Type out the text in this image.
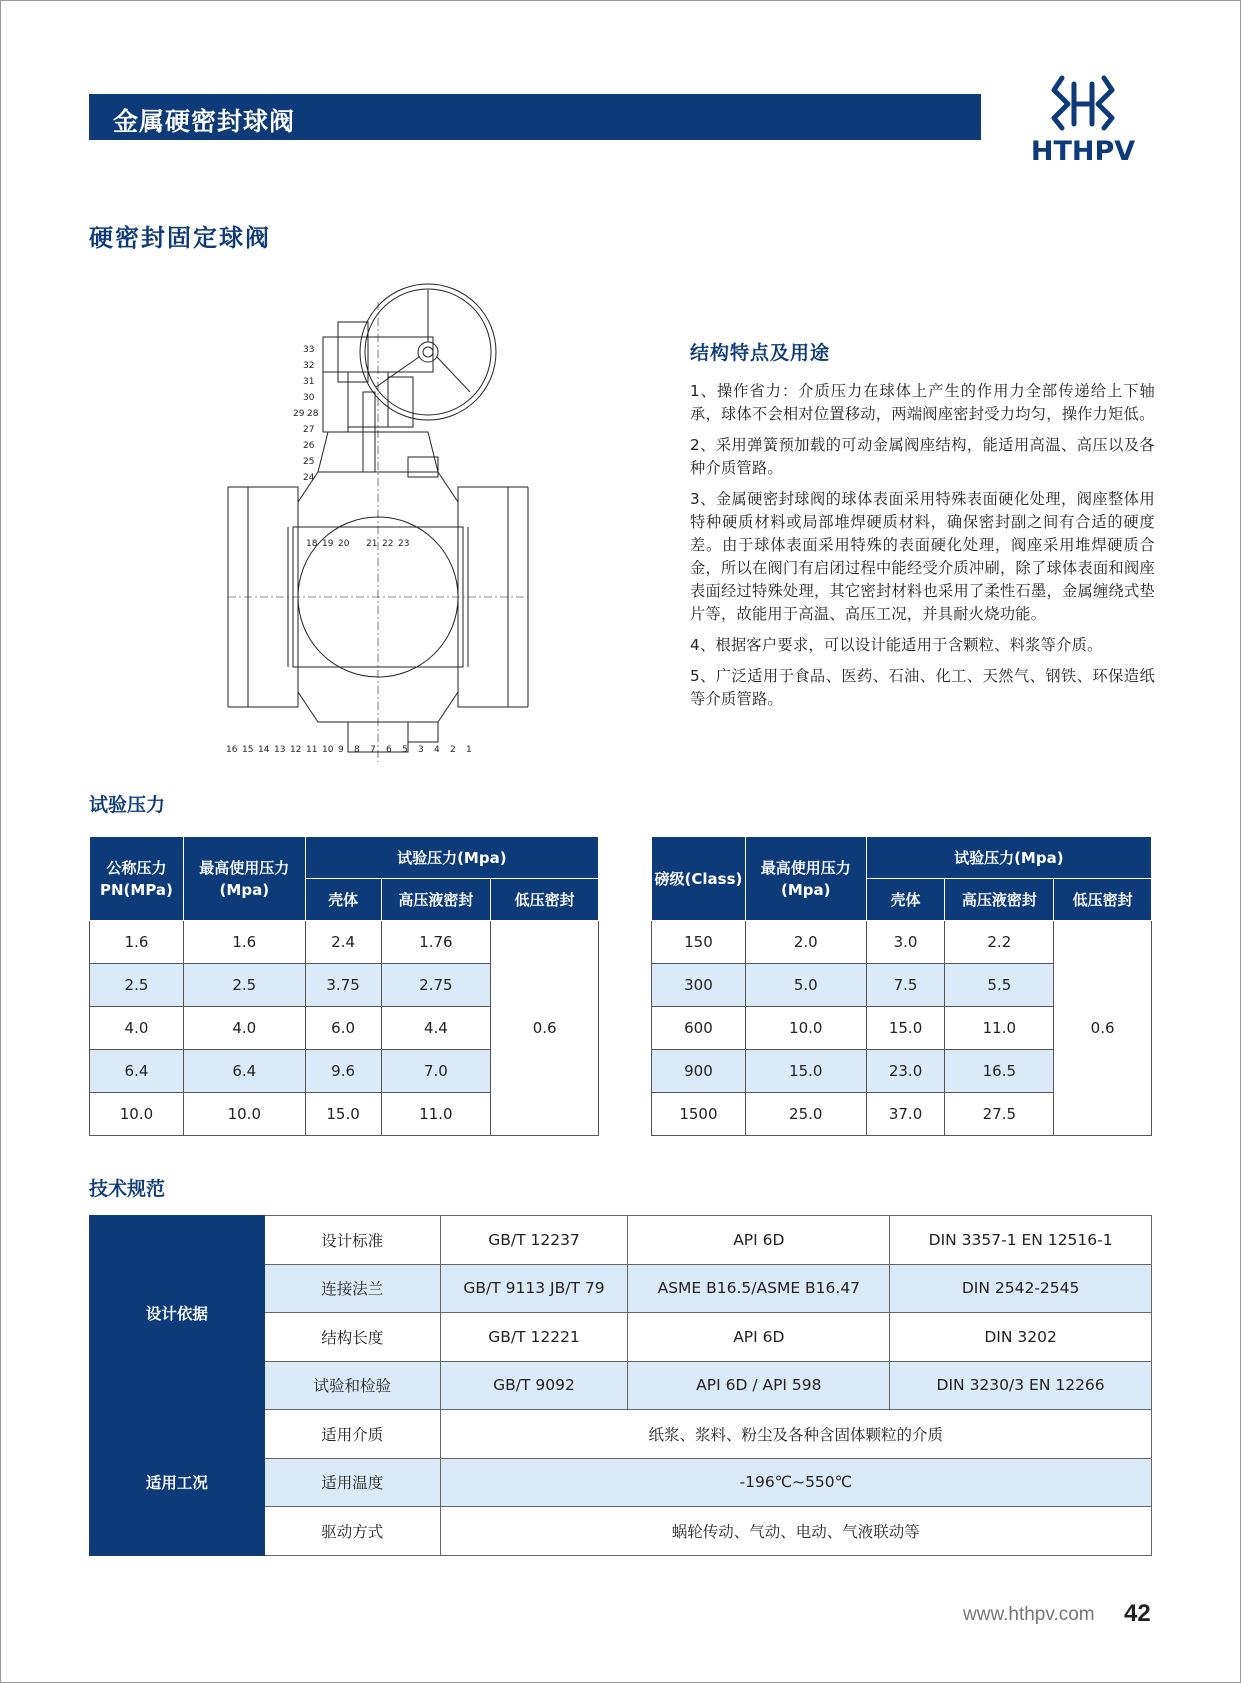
金属硬密封球阀
HTHPV
硬密封固定球阀
33
32
31
30
29 28
27
26
25
24
18 19 20 21 22 23
16 15 14 13 12 11 10 9 8 7 6 5 3 4 2 1
结构特点及用途

1、操作省力：介质压力在球体上产生的作用力全部传递给上下轴承，球体不会相对位置移动，两端阀座密封受力均匀，操作力矩低。

2、采用弹簧预加载的可动金属阀座结构，能适用高温、高压以及各种介质管路。

3、金属硬密封球阀的球体表面采用特殊表面硬化处理，阀座整体用特种硬质材料或局部堆焊硬质材料，确保密封副之间有合适的硬度差。由于球体表面采用特殊的表面硬化处理，阀座采用堆焊硬质合金，所以在阀门有启闭过程中能经受介质冲刷，除了球体表面和阀座表面经过特殊处理，其它密封材料也采用了柔性石墨，金属缠绕式垫片等，故能用于高温、高压工况，并具耐火烧功能。

4、根据客户要求，可以设计能适用于含颗粒、料浆等介质。

5、广泛适用于食品、医药、石油、化工、天然气、钢铁、环保造纸等介质管路。

试验压力
公称压力PN(MPa)	最高使用压力(Mpa)	试验压力(Mpa)		
		壳体	高压液密封	低压密封
1.6	1.6	2.4	1.76	0.6
2.5	2.5	3.75	2.75	
4.0	4.0	6.0	4.4	
6.4	6.4	9.6	7.0	
10.0	10.0	15.0	11.0	
磅级(Class)	最高使用压力(Mpa)	试验压力(Mpa)		
		壳体	高压液密封	低压密封
150	2.0	3.0	2.2	0.6
300	5.0	7.5	5.5	
600	10.0	15.0	11.0	
900	15.0	23.0	16.5	
1500	25.0	37.0	27.5	
技术规范
设计依据	设计标准	GB/T 12237	API 6D	DIN 3357-1 EN 12516-1
	连接法兰	GB/T 9113 JB/T 79	ASME B16.5/ASME B16.47	DIN 2542-2545
	结构长度	GB/T 12221	API 6D	DIN 3202
	试验和检验	GB/T 9092	API 6D / API 598	DIN 3230/3 EN 12266
适用工况	适用介质	纸浆、浆料、粉尘及各种含固体颗粒的介质		
	适用温度	-196℃~550℃		
	驱动方式	蜗轮传动、气动、电动、气液联动等		
www.hthpv.com 42
